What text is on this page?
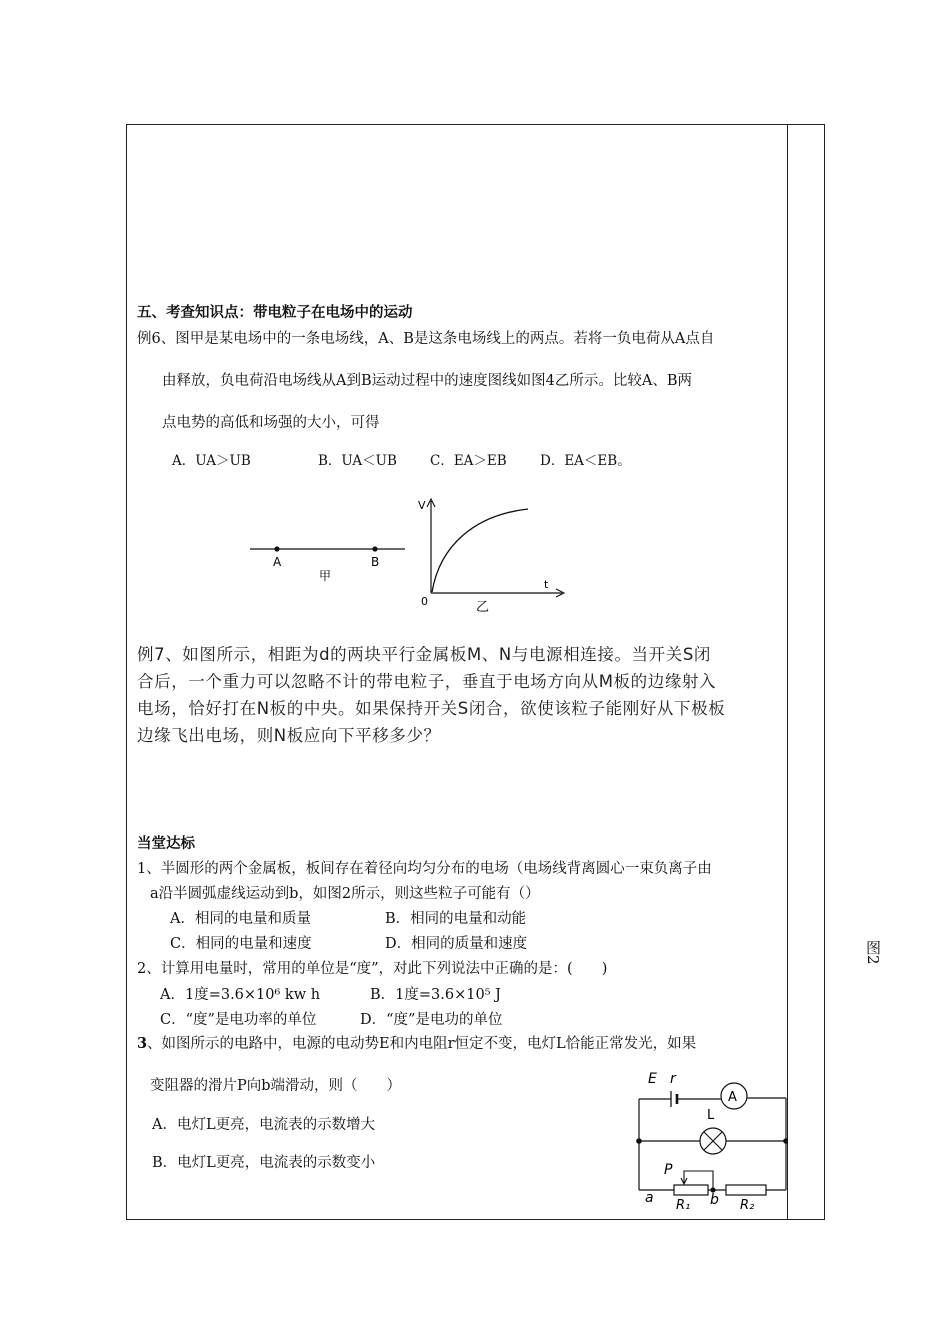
五、考查知识点：带电粒子在电场中的运动
例6、图甲是某电场中的一条电场线，A、B是这条电场线上的两点。若将一负电荷从A点自
由释放，负电荷沿电场线从A到B运动过程中的速度图线如图4乙所示。比较A、B两
点电势的高低和场强的大小，可得
A．UA＞UB	B．UA＜UB C．EA＞EB D．EA＜EB。
A	B
甲
V
t
0	乙
例7、如图所示，相距为d的两块平行金属板M、N与电源相连接。当开关S闭
合后，一个重力可以忽略不计的带电粒子，垂直于电场方向从M板的边缘射入
电场，恰好打在N板的中央。如果保持开关S闭合，欲使该粒子能刚好从下极板
边缘飞出电场，则N板应向下平移多少？
当堂达标
1、半圆形的两个金属板，板间存在着径向均匀分布的电场（电场线背离圆心一束负离子由
a沿半圆弧虚线运动到b，如图2所示，则这些粒子可能有（）
A．相同的电量和质量	B．相同的电量和动能
C．相同的电量和速度	D．相同的质量和速度
2、计算用电量时，常用的单位是“度”，对此下列说法中正确的是：(　　)
A．1度=3.6×10⁶ kw h	B．1度=3.6×10⁵ J
C．“度”是电功率的单位	D．“度”是电功的单位
3 、如图所示的电路中，电源的电动势E和内电阻r恒定不变，电灯L恰能正常发光，如果
变阻器的滑片P向b端滑动，则（　　）
A．电灯L更亮，电流表的示数增大
B．电灯L更亮，电流表的示数变小
E r
A
L
P
a	b
R₁	R₂
图2
